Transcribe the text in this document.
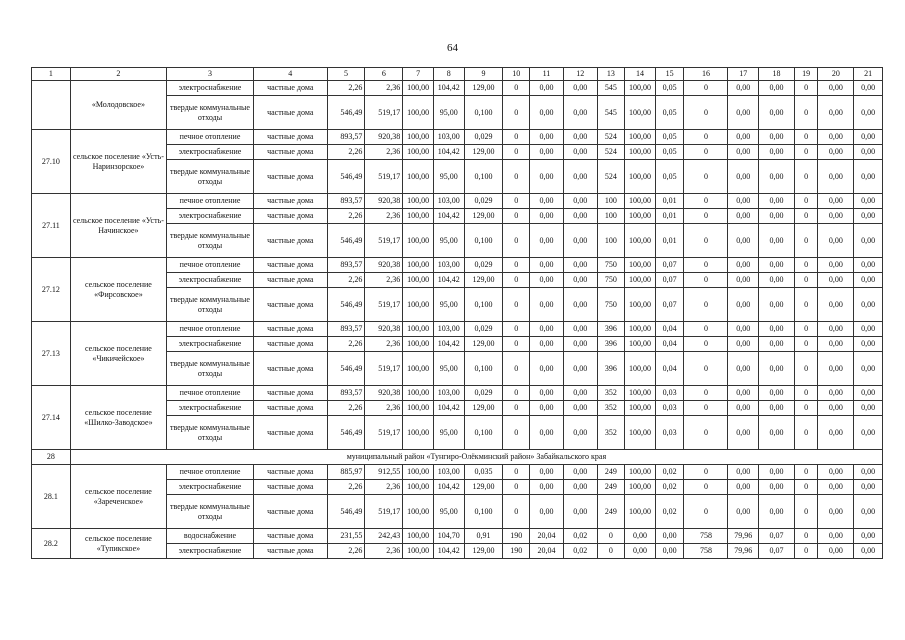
64
1	2	3	4	5	6	7	8	9	10	11	12	13	14	15	16	17	18	19	20	21
	«Молодовское»	электроснабжение	частные дома	2,26	2,36	100,00	104,42	129,00	0	0,00	0,00	545	100,00	0,05	0	0,00	0,00	0	0,00	0,00
		твердые коммунальные отходы	частные дома	546,49	519,17	100,00	95,00	0,100	0	0,00	0,00	545	100,00	0,05	0	0,00	0,00	0	0,00	0,00
27.10	сельское поселение «Усть-Наринзорское»	печное отопление	частные дома	893,57	920,38	100,00	103,00	0,029	0	0,00	0,00	524	100,00	0,05	0	0,00	0,00	0	0,00	0,00
		электроснабжение	частные дома	2,26	2,36	100,00	104,42	129,00	0	0,00	0,00	524	100,00	0,05	0	0,00	0,00	0	0,00	0,00
		твердые коммунальные отходы	частные дома	546,49	519,17	100,00	95,00	0,100	0	0,00	0,00	524	100,00	0,05	0	0,00	0,00	0	0,00	0,00
27.11	сельское поселение «Усть-Начинское»	печное отопление	частные дома	893,57	920,38	100,00	103,00	0,029	0	0,00	0,00	100	100,00	0,01	0	0,00	0,00	0	0,00	0,00
		электроснабжение	частные дома	2,26	2,36	100,00	104,42	129,00	0	0,00	0,00	100	100,00	0,01	0	0,00	0,00	0	0,00	0,00
		твердые коммунальные отходы	частные дома	546,49	519,17	100,00	95,00	0,100	0	0,00	0,00	100	100,00	0,01	0	0,00	0,00	0	0,00	0,00
27.12	сельское поселение «Фирсовское»	печное отопление	частные дома	893,57	920,38	100,00	103,00	0,029	0	0,00	0,00	750	100,00	0,07	0	0,00	0,00	0	0,00	0,00
		электроснабжение	частные дома	2,26	2,36	100,00	104,42	129,00	0	0,00	0,00	750	100,00	0,07	0	0,00	0,00	0	0,00	0,00
		твердые коммунальные отходы	частные дома	546,49	519,17	100,00	95,00	0,100	0	0,00	0,00	750	100,00	0,07	0	0,00	0,00	0	0,00	0,00
27.13	сельское поселение «Чикичейское»	печное отопление	частные дома	893,57	920,38	100,00	103,00	0,029	0	0,00	0,00	396	100,00	0,04	0	0,00	0,00	0	0,00	0,00
		электроснабжение	частные дома	2,26	2,36	100,00	104,42	129,00	0	0,00	0,00	396	100,00	0,04	0	0,00	0,00	0	0,00	0,00
		твердые коммунальные отходы	частные дома	546,49	519,17	100,00	95,00	0,100	0	0,00	0,00	396	100,00	0,04	0	0,00	0,00	0	0,00	0,00
27.14	сельское поселение «Шилко-Заводское»	печное отопление	частные дома	893,57	920,38	100,00	103,00	0,029	0	0,00	0,00	352	100,00	0,03	0	0,00	0,00	0	0,00	0,00
		электроснабжение	частные дома	2,26	2,36	100,00	104,42	129,00	0	0,00	0,00	352	100,00	0,03	0	0,00	0,00	0	0,00	0,00
		твердые коммунальные отходы	частные дома	546,49	519,17	100,00	95,00	0,100	0	0,00	0,00	352	100,00	0,03	0	0,00	0,00	0	0,00	0,00
28	муниципальный район «Тунгиро-Олёкминский район» Забайкальского края																			
28.1	сельское поселение «Зареченское»	печное отопление	частные дома	885,97	912,55	100,00	103,00	0,035	0	0,00	0,00	249	100,00	0,02	0	0,00	0,00	0	0,00	0,00
		электроснабжение	частные дома	2,26	2,36	100,00	104,42	129,00	0	0,00	0,00	249	100,00	0,02	0	0,00	0,00	0	0,00	0,00
		твердые коммунальные отходы	частные дома	546,49	519,17	100,00	95,00	0,100	0	0,00	0,00	249	100,00	0,02	0	0,00	0,00	0	0,00	0,00
28.2	сельское поселение «Тупикское»	водоснабжение	частные дома	231,55	242,43	100,00	104,70	0,91	190	20,04	0,02	0	0,00	0,00	758	79,96	0,07	0	0,00	0,00
		электроснабжение	частные дома	2,26	2,36	100,00	104,42	129,00	190	20,04	0,02	0	0,00	0,00	758	79,96	0,07	0	0,00	0,00
